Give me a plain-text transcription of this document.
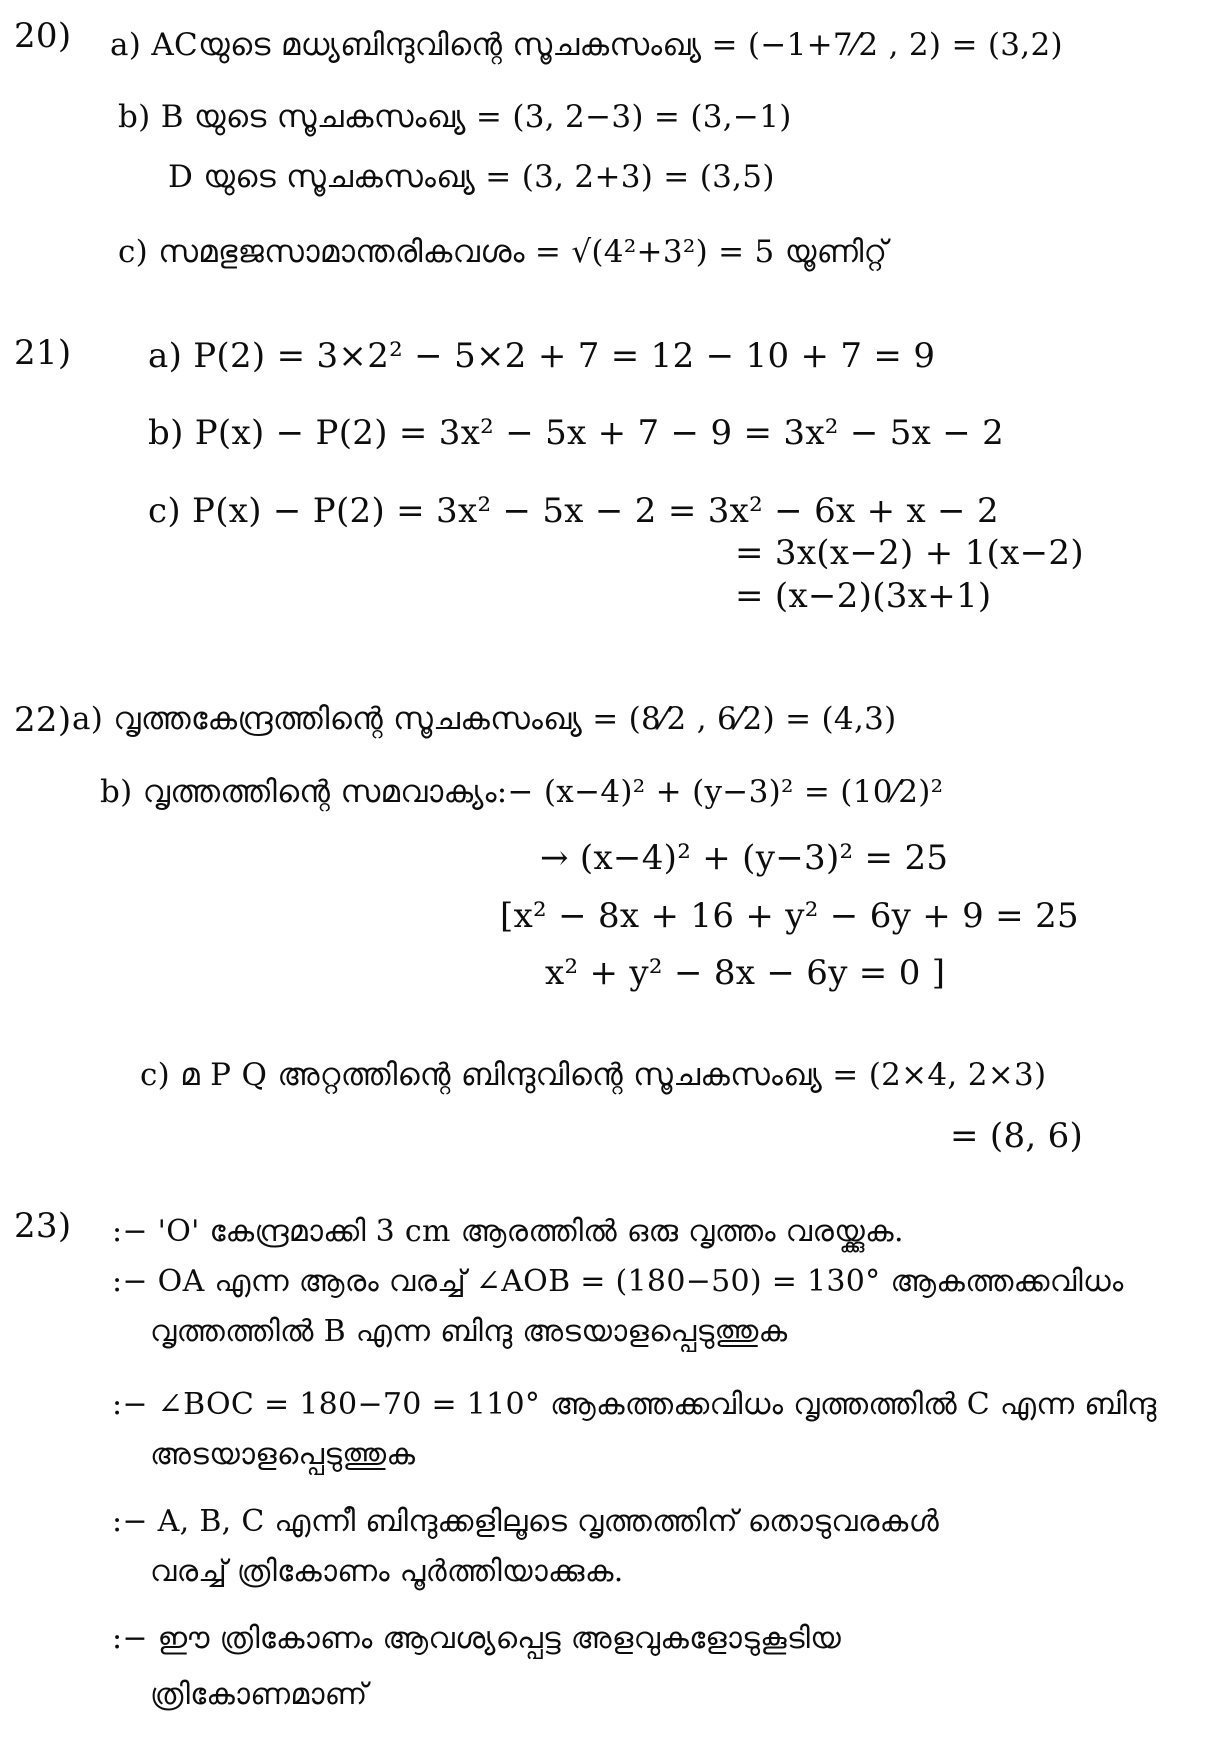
20) a) ACയുടെ മധ്യബിന്ദുവിന്റെ സൂചകസംഖ്യ = (−1+7⁄2 , 2) = (3,2)
b) B യുടെ സൂചകസംഖ്യ = (3, 2−3) = (3,−1)
D യുടെ സൂചകസംഖ്യ = (3, 2+3) = (3,5)
c) സമഭുജസാമാന്തരികവശം = √(4²+3²) = 5 യൂണിറ്റ്
21) a) P(2) = 3×2² − 5×2 + 7 = 12 − 10 + 7 = 9
b) P(x) − P(2) = 3x² − 5x + 7 − 9 = 3x² − 5x − 2
c) P(x) − P(2) = 3x² − 5x − 2 = 3x² − 6x + x − 2
= 3x(x−2) + 1(x−2)
= (x−2)(3x+1)
22) a) വൃത്തകേന്ദ്രത്തിന്റെ സൂചകസംഖ്യ = (8⁄2 , 6⁄2) = (4,3)
b) വൃത്തത്തിന്റെ സമവാക്യം:− (x−4)² + (y−3)² = (10⁄2)²
→ (x−4)² + (y−3)² = 25
[x² − 8x + 16 + y² − 6y + 9 = 25
x² + y² − 8x − 6y = 0 ]
c) മ P Q അറ്റത്തിന്റെ ബിന്ദുവിന്റെ സൂചകസംഖ്യ = (2×4, 2×3)
= (8, 6)
23) :− 'O' കേന്ദ്രമാക്കി 3 cm ആരത്തിൽ ഒരു വൃത്തം വരയ്ക്കുക.
:− OA എന്ന ആരം വരച്ച് ∠AOB = (180−50) = 130° ആകത്തക്കവിധം
വൃത്തത്തിൽ B എന്ന ബിന്ദു അടയാളപ്പെടുത്തുക
:− ∠BOC = 180−70 = 110° ആകത്തക്കവിധം വൃത്തത്തിൽ C എന്ന ബിന്ദു
അടയാളപ്പെടുത്തുക
:− A, B, C എന്നീ ബിന്ദുക്കളിലൂടെ വൃത്തത്തിന് തൊടുവരകൾ
വരച്ച് ത്രികോണം പൂർത്തിയാക്കുക.
:− ഈ ത്രികോണം ആവശ്യപ്പെട്ട അളവുകളോടുകൂടിയ
ത്രികോണമാണ്
